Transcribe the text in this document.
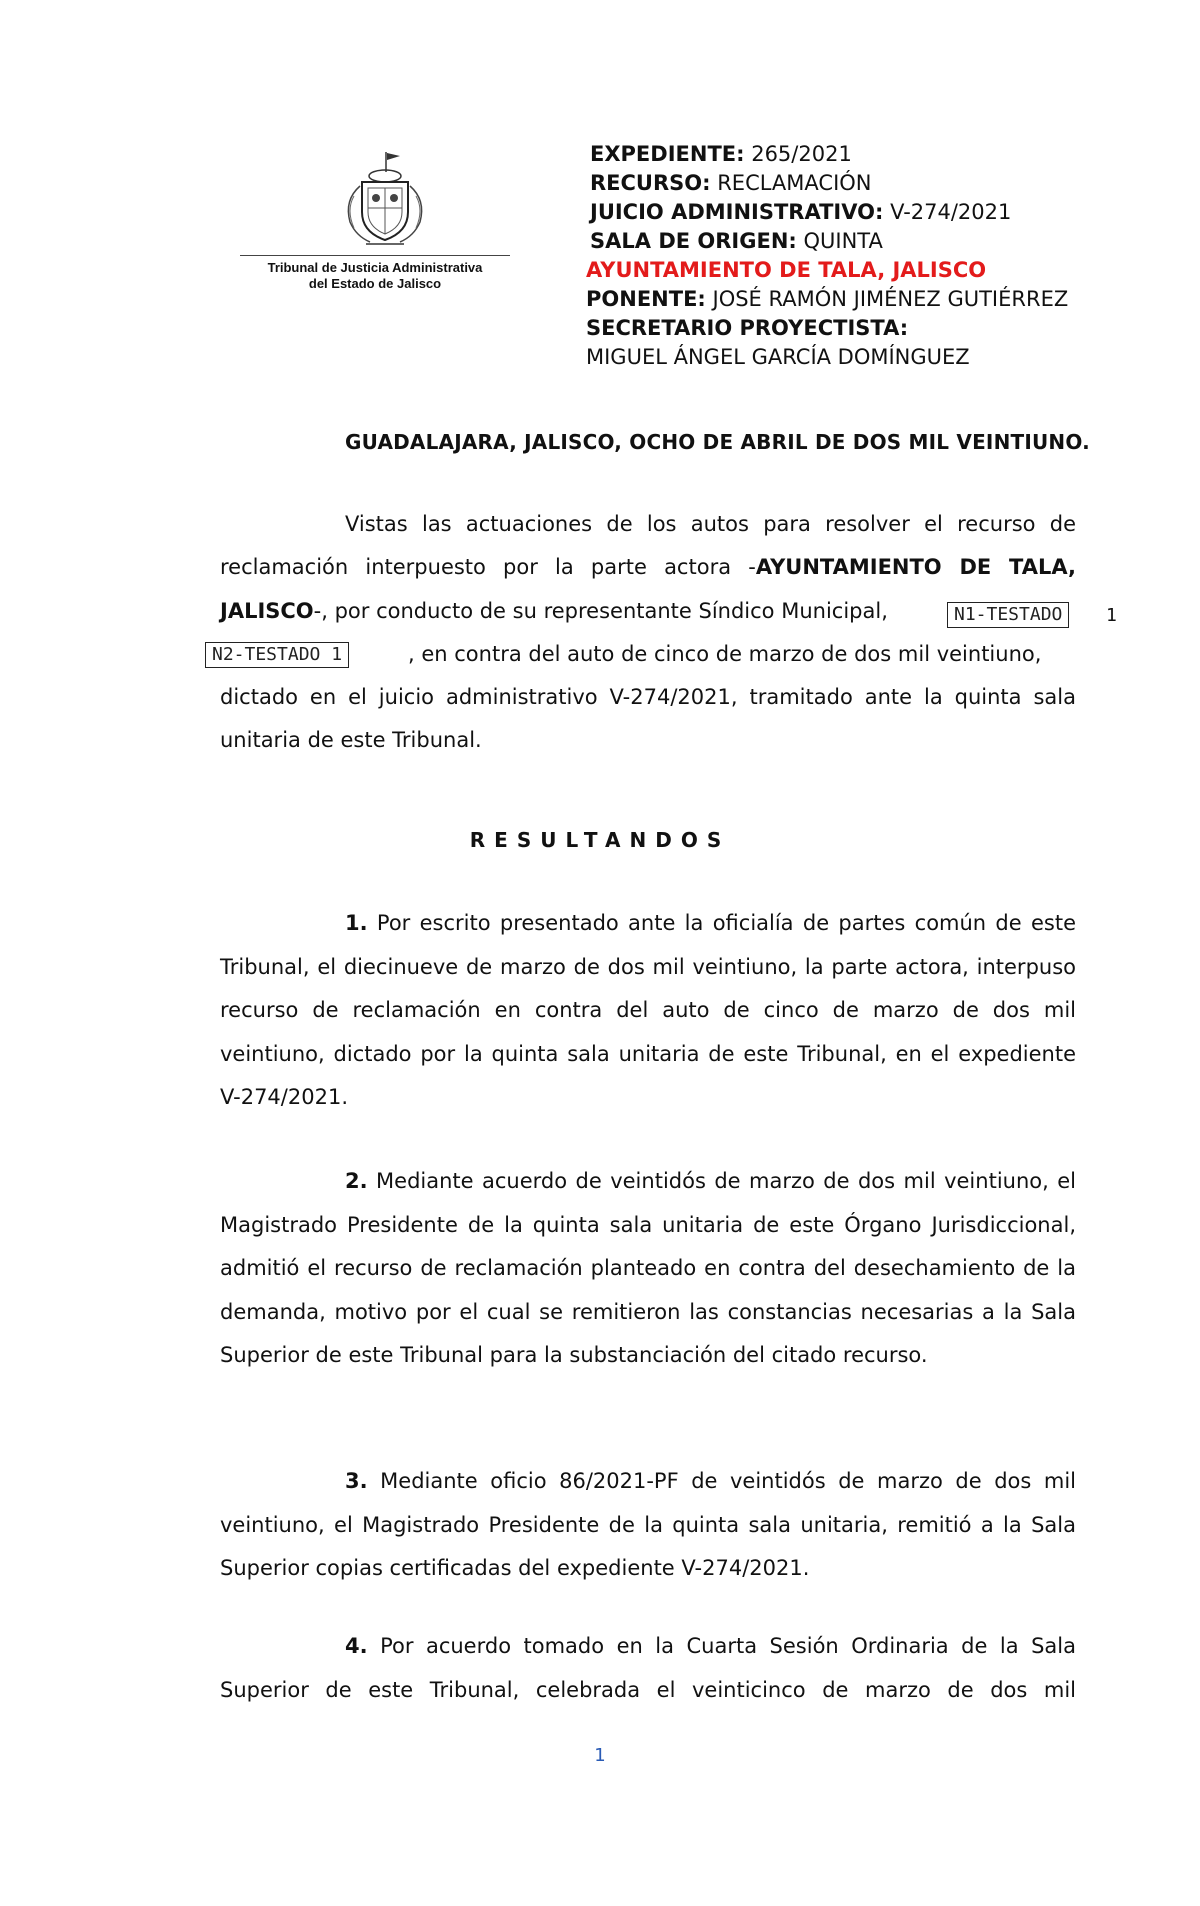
Tribunal de Justicia Administrativa
del Estado de Jalisco
EXPEDIENTE: 265/2021
RECURSO: RECLAMACIÓN
JUICIO ADMINISTRATIVO: V-274/2021
SALA DE ORIGEN: QUINTA
AYUNTAMIENTO DE TALA, JALISCO
PONENTE: JOSÉ RAMÓN JIMÉNEZ GUTIÉRREZ
SECRETARIO PROYECTISTA:
MIGUEL ÁNGEL GARCÍA DOMÍNGUEZ
GUADALAJARA, JALISCO, OCHO DE ABRIL DE DOS MIL VEINTIUNO.
Vistas las actuaciones de los autos para resolver el recurso de
reclamación interpuesto por la parte actora -AYUNTAMIENTO DE TALA,
JALISCO-, por conducto de su representante Síndico Municipal,	N1-TESTADO	1
N2-TESTADO 1	, en contra del auto de cinco de marzo de dos mil veintiuno,
dictado en el juicio administrativo V-274/2021, tramitado ante la quinta sala
unitaria de este Tribunal.
RESULTANDOS
1. Por escrito presentado ante la oficialía de partes común de este Tribunal, el diecinueve de marzo de dos mil veintiuno, la parte actora, interpuso recurso de reclamación en contra del auto de cinco de marzo de dos mil veintiuno, dictado por la quinta sala unitaria de este Tribunal, en el expediente V-274/2021.
2. Mediante acuerdo de veintidós de marzo de dos mil veintiuno, el Magistrado Presidente de la quinta sala unitaria de este Órgano Jurisdiccional, admitió el recurso de reclamación planteado en contra del desechamiento de la demanda, motivo por el cual se remitieron las constancias necesarias a la Sala Superior de este Tribunal para la substanciación del citado recurso.
3. Mediante oficio 86/2021-PF de veintidós de marzo de dos mil veintiuno, el Magistrado Presidente de la quinta sala unitaria, remitió a la Sala Superior copias certificadas del expediente V-274/2021.
4. Por acuerdo tomado en la Cuarta Sesión Ordinaria de la Sala Superior de este Tribunal, celebrada el veinticinco de marzo de dos mil
1
